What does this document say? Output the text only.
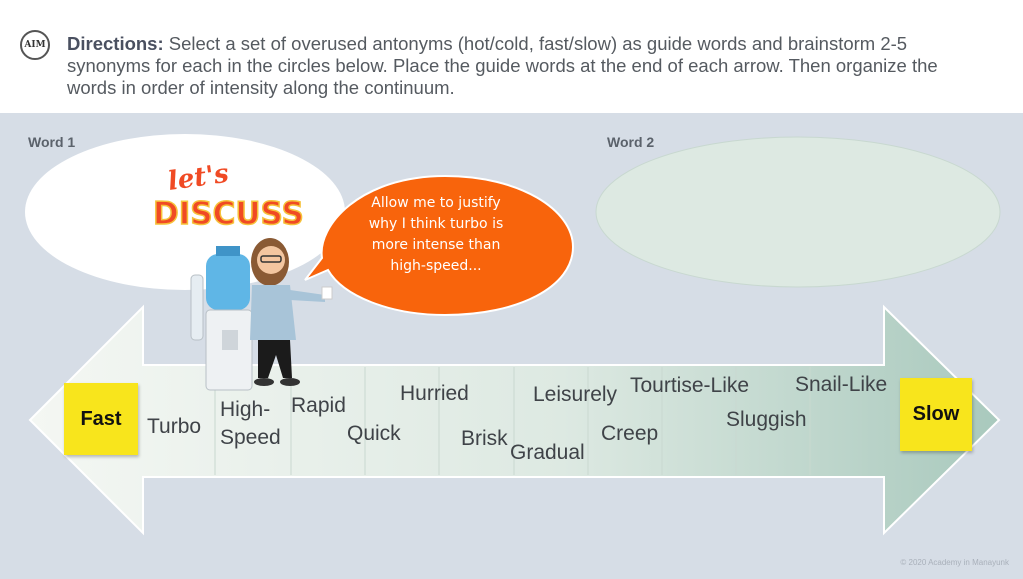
AIM Directions: Select a set of overused antonyms (hot/cold, fast/slow) as guide words and brainstorm 2-5 synonyms for each in the circles below. Place the guide words at the end of each arrow. Then organize the words in order of intensity along the continuum.
let's
DISCUSS
Word 1	Word 2
Allow me to justify why I think turbo is more intense than high-speed...
Fast	Slow
Turbo
High-
Speed
Rapid
Quick
Hurried
Brisk
Leisurely
Gradual
Creep
Tourtise-Like
Sluggish
Snail-Like
© 2020 Academy in Manayunk
